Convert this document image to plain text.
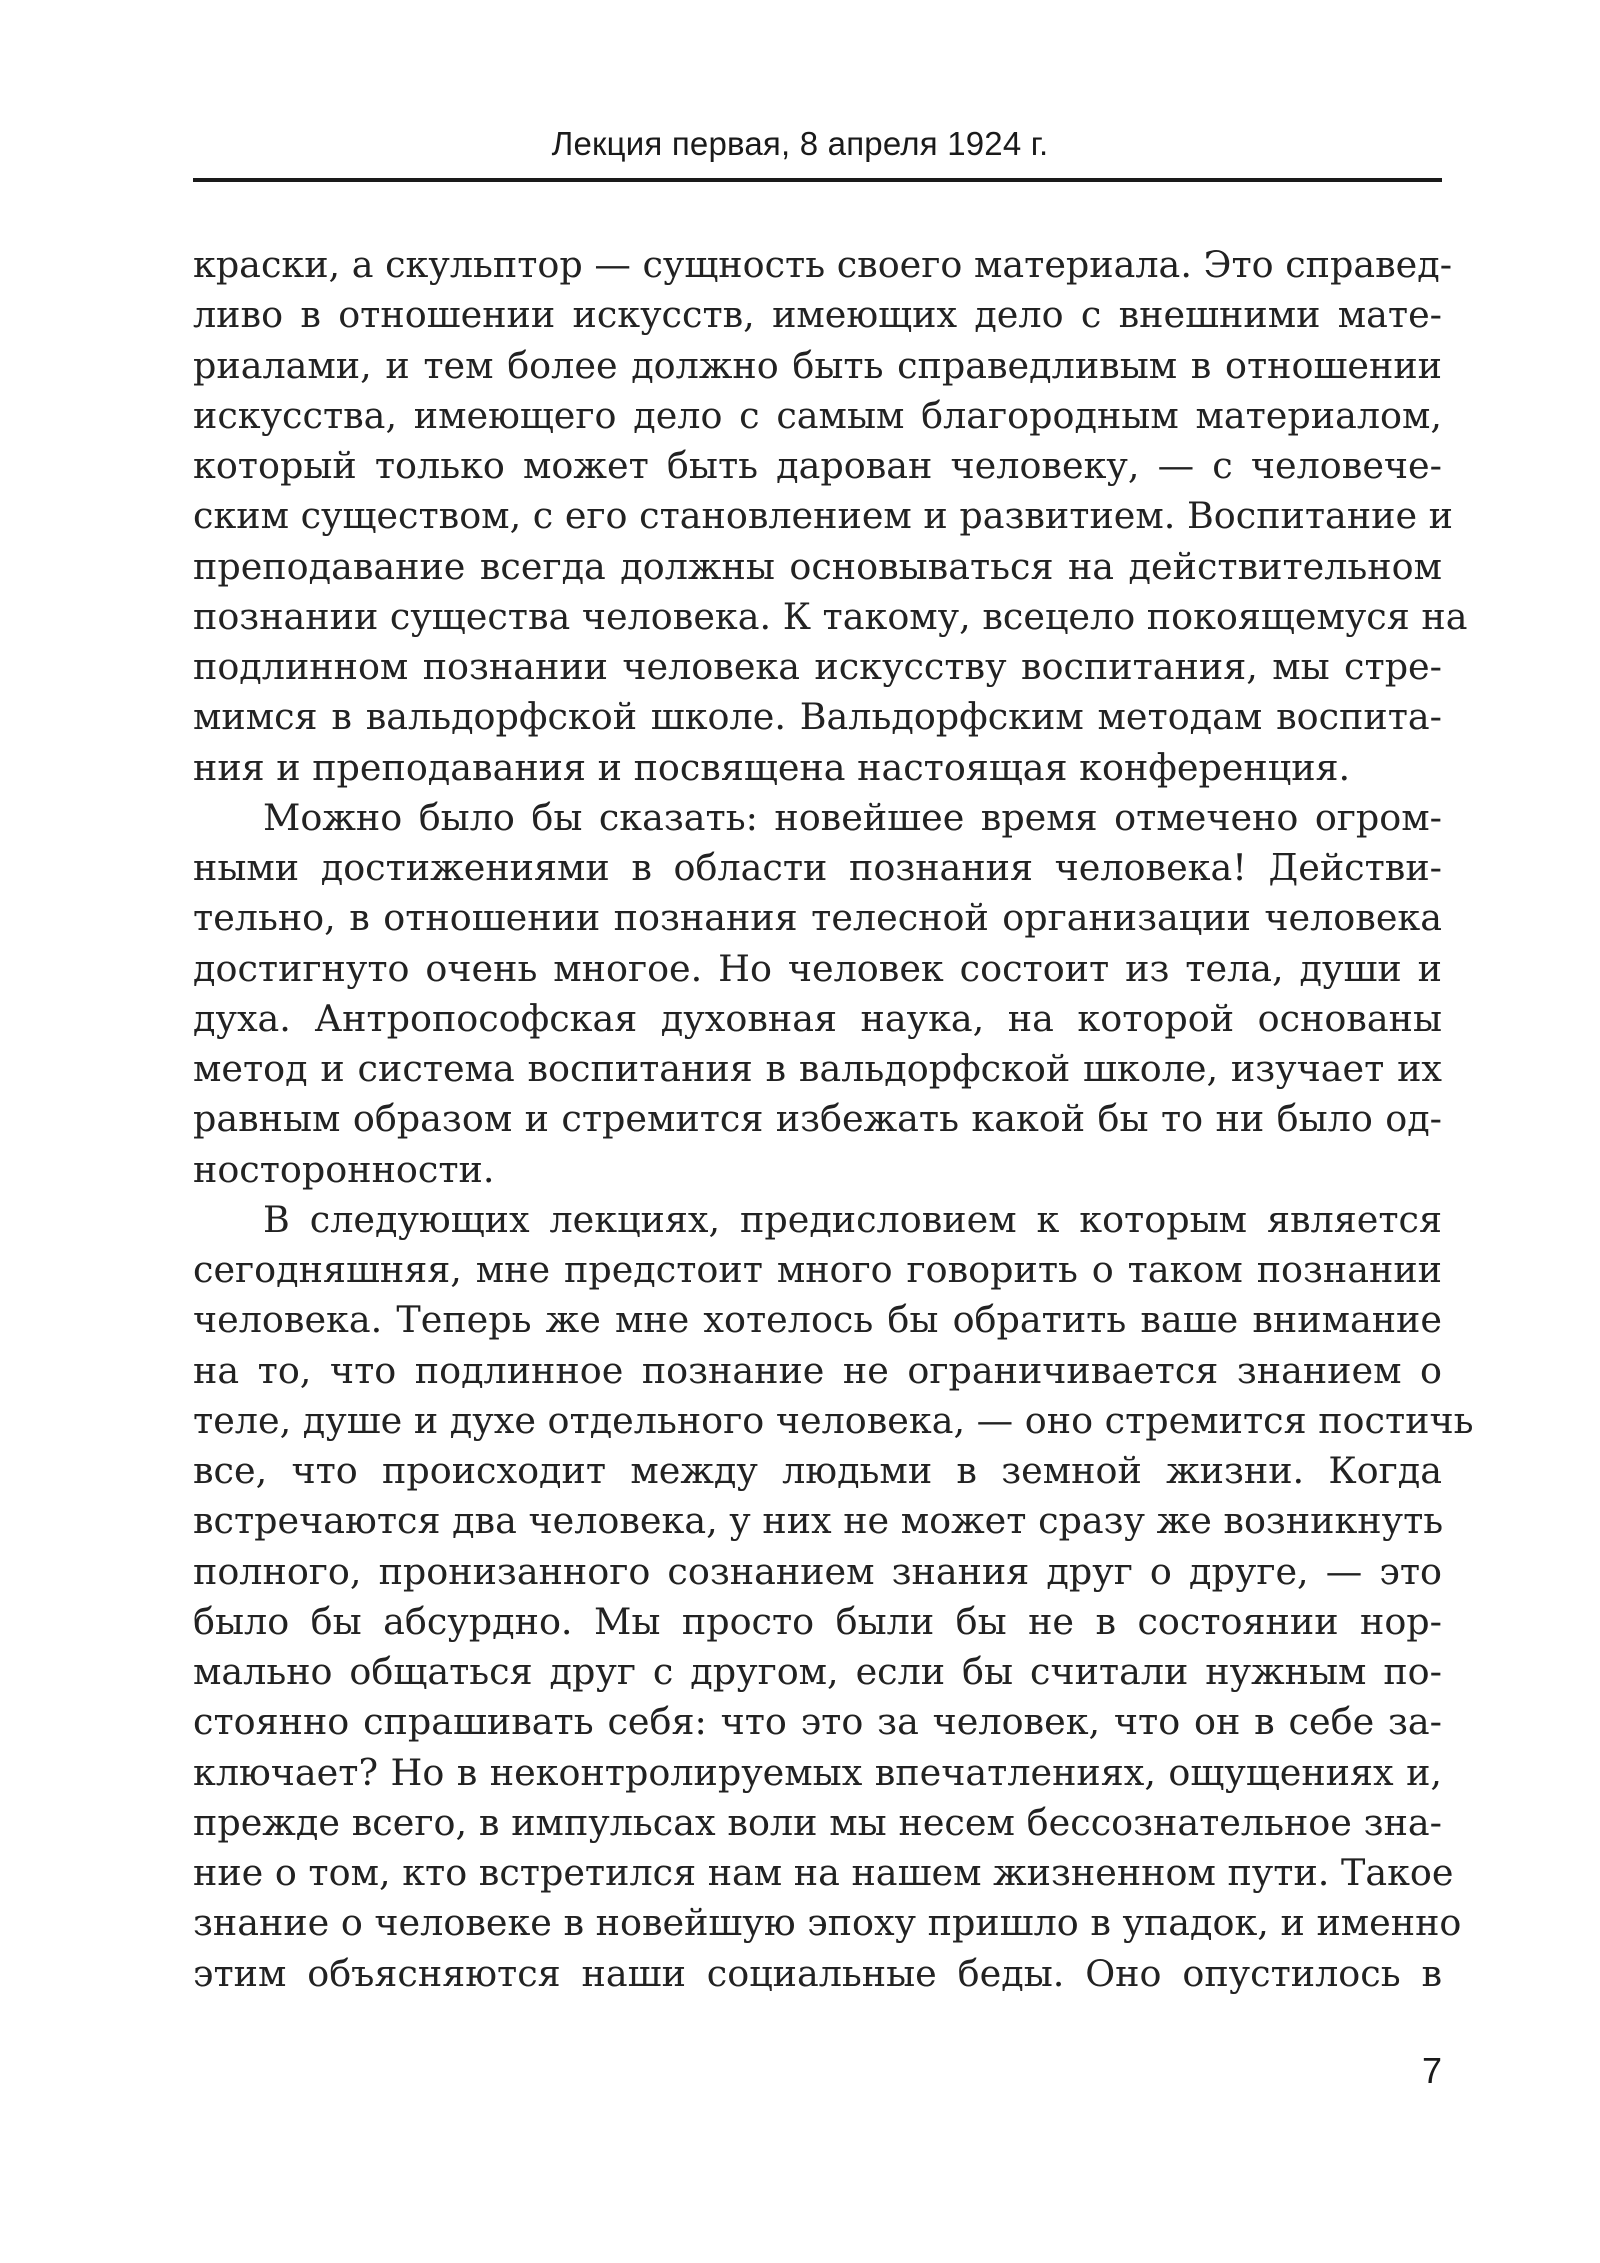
Лекция первая, 8 апреля 1924 г.
краски, а скульптор — сущность своего материала. Это справед-
ливо в отношении искусств, имеющих дело с внешними мате-
риалами, и тем более должно быть справедливым в отношении
искусства, имеющего дело с самым благородным материалом,
который только может быть дарован человеку, — с человече-
ским существом, с его становлением и развитием. Воспитание и
преподавание всегда должны основываться на действительном
познании существа человека. К такому, всецело покоящемуся на
подлинном познании человека искусству воспитания, мы стре-
мимся в вальдорфской школе. Вальдорфским методам воспита-
ния и преподавания и посвящена настоящая конференция.
Можно было бы сказать: новейшее время отмечено огром-
ными достижениями в области познания человека! Действи-
тельно, в отношении познания телесной организации человека
достигнуто очень многое. Но человек состоит из тела, души и
духа. Антропософская духовная наука, на которой основаны
метод и система воспитания в вальдорфской школе, изучает их
равным образом и стремится избежать какой бы то ни было од-
носторонности.
В следующих лекциях, предисловием к которым является
сегодняшняя, мне предстоит много говорить о таком познании
человека. Теперь же мне хотелось бы обратить ваше внимание
на то, что подлинное познание не ограничивается знанием о
теле, душе и духе отдельного человека, — оно стремится постичь
все, что происходит между людьми в земной жизни. Когда
встречаются два человека, у них не может сразу же возникнуть
полного, пронизанного сознанием знания друг о друге, — это
было бы абсурдно. Мы просто были бы не в состоянии нор-
мально общаться друг с другом, если бы считали нужным по-
стоянно спрашивать себя: что это за человек, что он в себе за-
ключает? Но в неконтролируемых впечатлениях, ощущениях и,
прежде всего, в импульсах воли мы несем бессознательное зна-
ние о том, кто встретился нам на нашем жизненном пути. Такое
знание о человеке в новейшую эпоху пришло в упадок, и именно
этим объясняются наши социальные беды. Оно опустилось в
7
